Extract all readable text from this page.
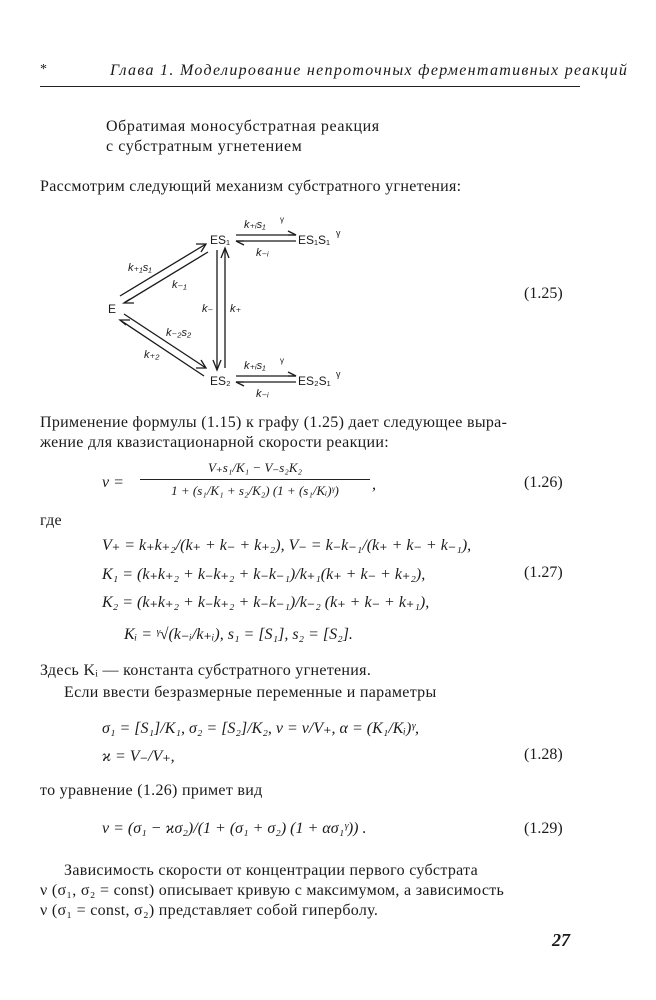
*	Глава 1. Моделирование непроточных ферментативных реакций
Обратимая моносубстратная реакция
с субстратным угнетением
Рассмотрим следующий механизм субстратного угнетения:
E
ES₁
ES₂
ES₁S₁ γ
ES₂S₁ γ
k₊₁s₁
k₋₁
k₋₂s₂
k₊₂
k₋ k₊
k₊ᵢs₁ γ
k₋ᵢ
k₊ᵢs₁ γ
k₋ᵢ
(1.25)
Применение формулы (1.15) к графу (1.25) дает следующее выра-
жение для квазистационарной скорости реакции:
v =
V₊s₁/K₁ − V₋s₂K₂
1 + (s₁/K₁ + s₂/K₂) (1 + (s₁/Kᵢ)ᵞ)	,	(1.26)
где
V₊ = k₊k₊₂/(k₊ + k₋ + k₊₂), V₋ = k₋k₋₁/(k₊ + k₋ + k₋₁),
K₁ = (k₊k₊₂ + k₋k₊₂ + k₋k₋₁)/k₊₁(k₊ + k₋ + k₊₂),	(1.27)
K₂ = (k₊k₊₂ + k₋k₊₂ + k₋k₋₁)/k₋₂ (k₊ + k₋ + k₊₁),
Kᵢ = ᵞ√(k₋ᵢ/k₊ᵢ), s₁ = [S₁], s₂ = [S₂].
Здесь Kᵢ — константа субстратного угнетения.
Если ввести безразмерные переменные и параметры
σ₁ = [S₁]/K₁, σ₂ = [S₂]/K₂, ν = v/V₊, α = (K₁/Kᵢ)ᵞ,
ϰ = V₋/V₊,	(1.28)
то уравнение (1.26) примет вид
ν = (σ₁ − ϰσ₂)/(1 + (σ₁ + σ₂) (1 + ασ₁ᵞ)) .	(1.29)
Зависимость скорости от концентрации первого субстрата
ν (σ₁, σ₂ = const) описывает кривую с максимумом, а зависимость
ν (σ₁ = const, σ₂) представляет собой гиперболу.
27
